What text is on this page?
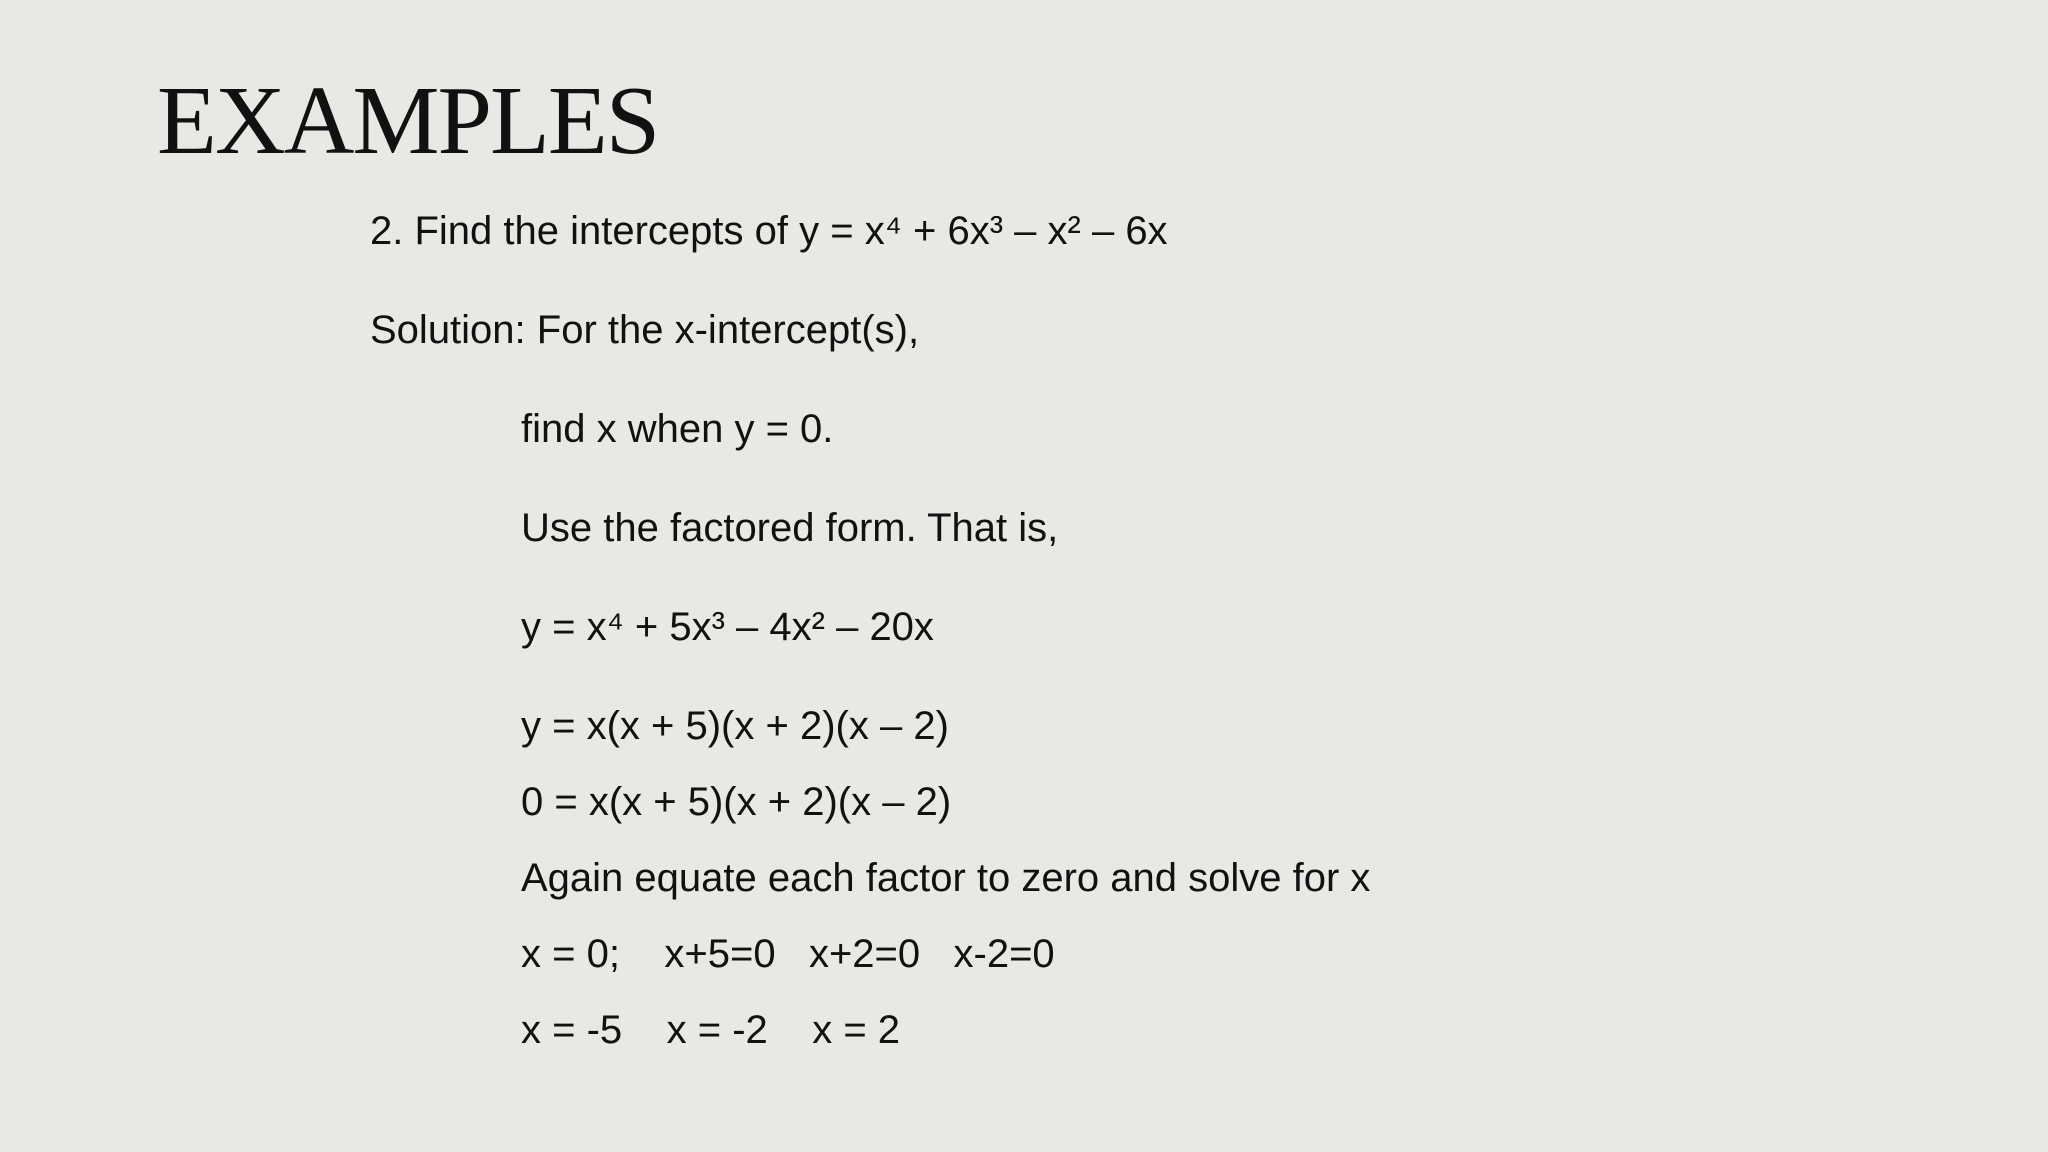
EXAMPLES
2. Find the intercepts of y = x⁴ + 6x³ – x² – 6x
Solution: For the x-intercept(s),
find x when y = 0.
Use the factored form. That is,
y = x⁴ + 5x³ – 4x² – 20x
y = x(x + 5)(x + 2)(x – 2)
0 = x(x + 5)(x + 2)(x – 2)
Again equate each factor to zero and solve for x
x = 0;    x+5=0   x+2=0   x-2=0
x = -5    x = -2    x = 2
